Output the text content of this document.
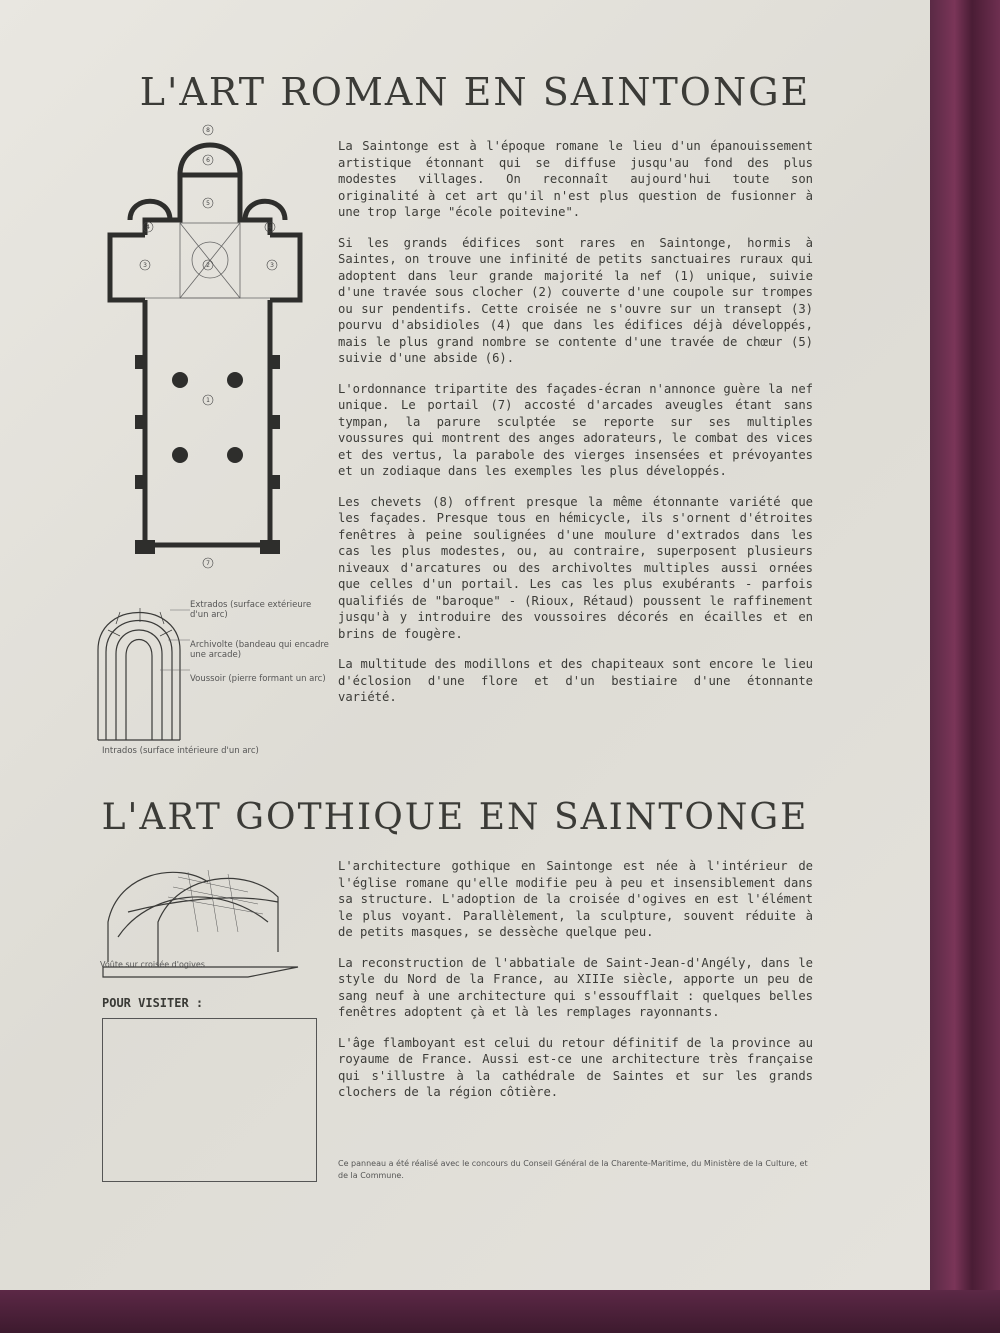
L'ART ROMAN EN SAINTONGE
8
6
5
4	4
3	3
2
1
7
Extrados (surface extérieure d'un arc)
Archivolte (bandeau qui encadre une arcade)
Voussoir (pierre formant un arc)
Intrados (surface intérieure d'un arc)

La Saintonge est à l'époque romane le lieu d'un épanouissement artistique étonnant qui se diffuse jusqu'au fond des plus modestes villages. On reconnaît aujourd'hui toute son originalité à cet art qu'il n'est plus question de fusionner à une trop large "école poitevine".

Si les grands édifices sont rares en Saintonge, hormis à Saintes, on trouve une infinité de petits sanctuaires ruraux qui adoptent dans leur grande majorité la nef (1) unique, suivie d'une travée sous clocher (2) couverte d'une coupole sur trompes ou sur pendentifs. Cette croisée ne s'ouvre sur un transept (3) pourvu d'absidioles (4) que dans les édifices déjà développés, mais le plus grand nombre se contente d'une travée de chœur (5) suivie d'une abside (6).

L'ordonnance tripartite des façades-écran n'annonce guère la nef unique. Le portail (7) accosté d'arcades aveugles étant sans tympan, la parure sculptée se reporte sur ses multiples voussures qui montrent des anges adorateurs, le combat des vices et des vertus, la parabole des vierges insensées et prévoyantes et un zodiaque dans les exemples les plus développés.

Les chevets (8) offrent presque la même étonnante variété que les façades. Presque tous en hémicycle, ils s'ornent d'étroites fenêtres à peine soulignées d'une moulure d'extrados dans les cas les plus modestes, ou, au contraire, superposent plusieurs niveaux d'arcatures ou des archivoltes multiples aussi ornées que celles d'un portail. Les cas les plus exubérants - parfois qualifiés de "baroque" - (Rioux, Rétaud) poussent le raffinement jusqu'à y introduire des voussoires décorés en écailles et en brins de fougère.

La multitude des modillons et des chapiteaux sont encore le lieu d'éclosion d'une flore et d'un bestiaire d'une étonnante variété.

L'ART GOTHIQUE EN SAINTONGE
Voûte sur croisée d'ogives
POUR VISITER :

L'architecture gothique en Saintonge est née à l'intérieur de l'église romane qu'elle modifie peu à peu et insensiblement dans sa structure. L'adoption de la croisée d'ogives en est l'élément le plus voyant. Parallèlement, la sculpture, souvent réduite à de petits masques, se dessèche quelque peu.

La reconstruction de l'abbatiale de Saint-Jean-d'Angély, dans le style du Nord de la France, au XIIIe siècle, apporte un peu de sang neuf à une architecture qui s'essoufflait : quelques belles fenêtres adoptent çà et là les remplages rayonnants.

L'âge flamboyant est celui du retour définitif de la province au royaume de France. Aussi est-ce une architecture très française qui s'illustre à la cathédrale de Saintes et sur les grands clochers de la région côtière.

Ce panneau a été réalisé avec le concours du Conseil Général de la Charente-Maritime, du Ministère de la Culture, et de la Commune.
